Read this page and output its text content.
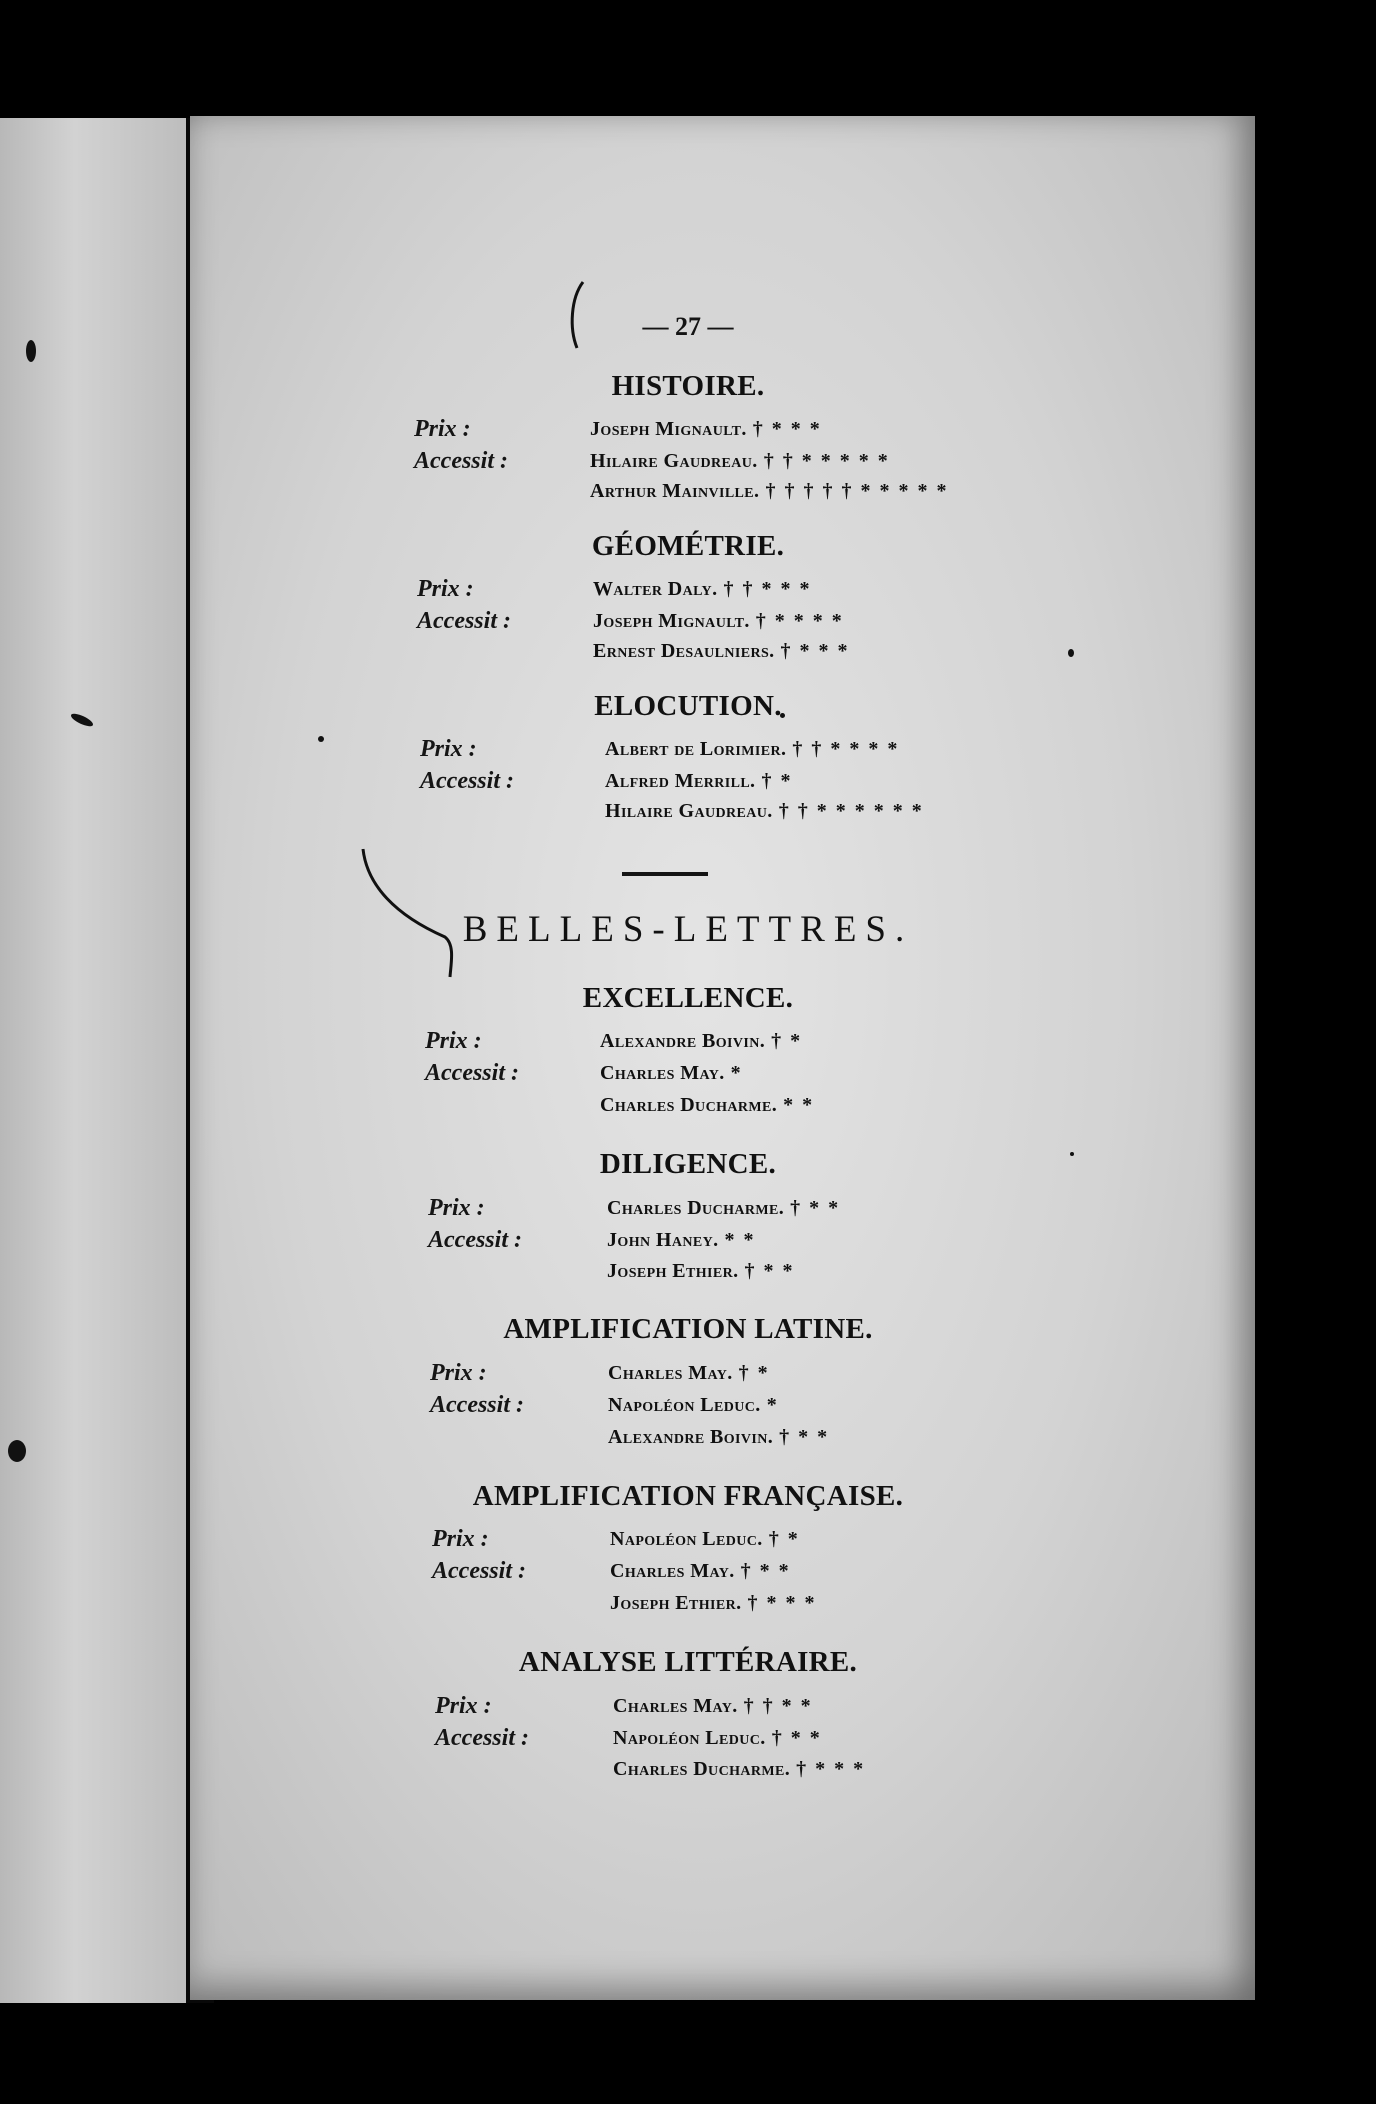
— 27 —
HISTOIRE.
Prix :
Accessit :
Joseph Mignault. † * * *
Hilaire Gaudreau. † † * * * * *
Arthur Mainville. † † † † † * * * * *
GÉOMÉTRIE.
Prix :
Accessit :
Walter Daly. † † * * *
Joseph Mignault. † * * * *
Ernest Desaulniers. † * * *
ELOCUTION.
Prix :
Accessit :
Albert de Lorimier. † † * * * *
Alfred Merrill. † *
Hilaire Gaudreau. † † * * * * * *
EXCELLENCE.
Prix :
Accessit :
Alexandre Boivin. † *
Charles May. *
Charles Ducharme. * *
DILIGENCE.
Prix :
Accessit :
Charles Ducharme. † * *
John Haney. * *
Joseph Ethier. † * *
AMPLIFICATION LATINE.
Prix :
Accessit :
Charles May. † *
Napoléon Leduc. *
Alexandre Boivin. † * *
AMPLIFICATION FRANÇAISE.
Prix :
Accessit :
Napoléon Leduc. † *
Charles May. † * *
Joseph Ethier. † * * *
ANALYSE LITTÉRAIRE.
Prix :
Accessit :
Charles May. † † * *
Napoléon Leduc. † * *
Charles Ducharme. † * * *
BELLES-LETTRES.
